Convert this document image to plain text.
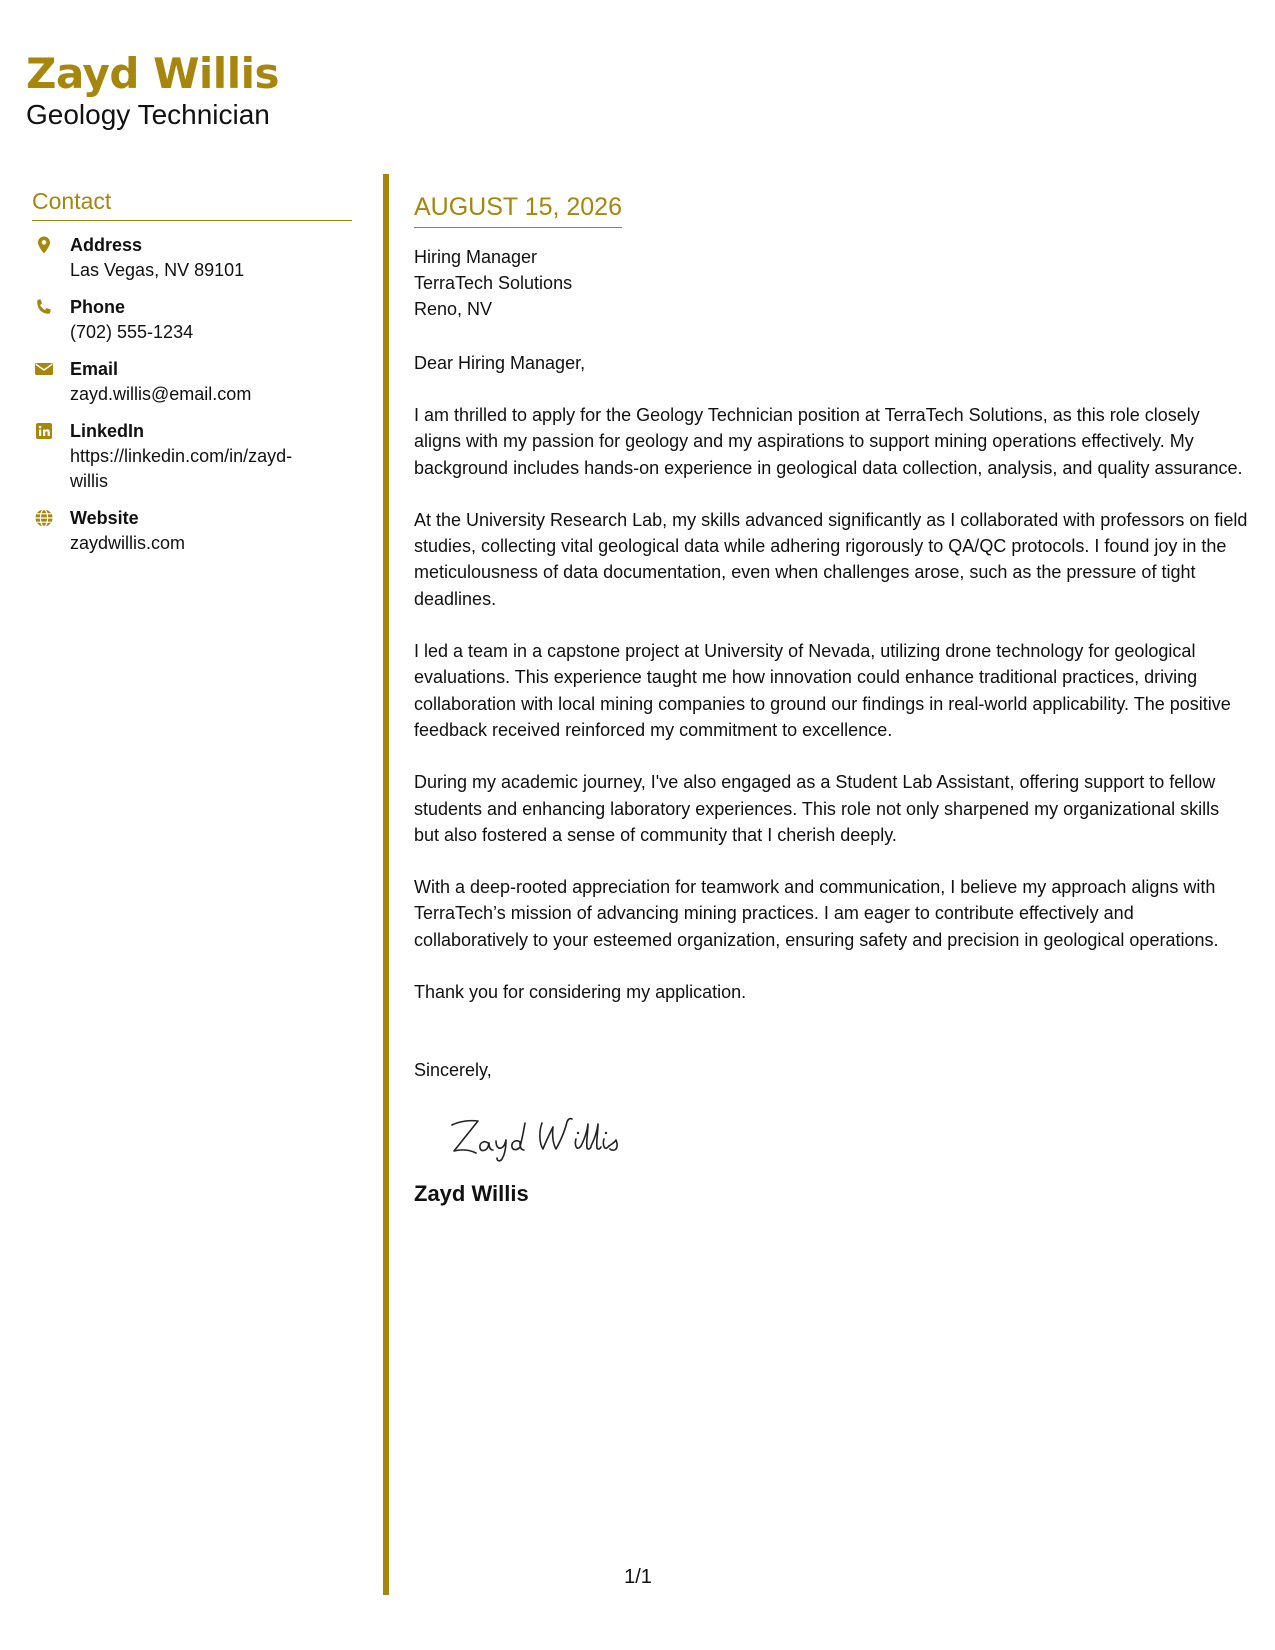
Zayd Willis
Geology Technician
Contact
Address
Las Vegas, NV 89101
Phone
(702) 555-1234
Email
zayd.willis@email.com
LinkedIn
https://linkedin.com/in/zayd-willis
Website
zaydwillis.com
AUGUST 15, 2026
Hiring Manager
TerraTech Solutions
Reno, NV
Dear Hiring Manager,

I am thrilled to apply for the Geology Technician position at TerraTech Solutions, as this role closely aligns with my passion for geology and my aspirations to support mining operations effectively. My background includes hands-on experience in geological data collection, analysis, and quality assurance.

At the University Research Lab, my skills advanced significantly as I collaborated with professors on field studies, collecting vital geological data while adhering rigorously to QA/QC protocols. I found joy in the meticulousness of data documentation, even when challenges arose, such as the pressure of tight deadlines.

I led a team in a capstone project at University of Nevada, utilizing drone technology for geological evaluations. This experience taught me how innovation could enhance traditional practices, driving collaboration with local mining companies to ground our findings in real-world applicability. The positive feedback received reinforced my commitment to excellence.

During my academic journey, I've also engaged as a Student Lab Assistant, offering support to fellow students and enhancing laboratory experiences. This role not only sharpened my organizational skills but also fostered a sense of community that I cherish deeply.

With a deep-rooted appreciation for teamwork and communication, I believe my approach aligns with TerraTech’s mission of advancing mining practices. I am eager to contribute effectively and collaboratively to your esteemed organization, ensuring safety and precision in geological operations.

Thank you for considering my application.

Sincerely,
Zayd Willis
1/1
